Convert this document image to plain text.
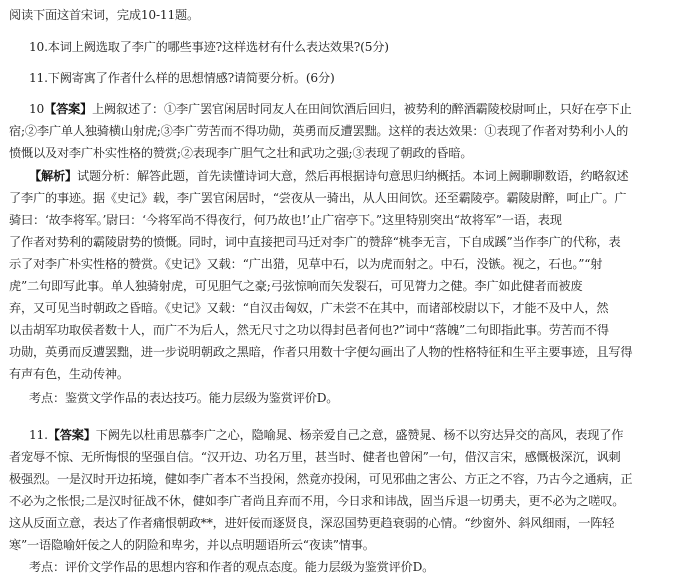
阅读下面这首宋词，完成10-11题。

10.本词上阙选取了李广的哪些事迹?这样选材有什么表达效果?(5分)

11.下阙寄寓了作者什么样的思想情感?请简要分析。(6分)

10【答案】上阙叙述了：①李广罢官闲居时同友人在田间饮酒后回归，被势利的醉酒霸陵校尉呵止，只好在亭下止

宿;②李广单人独骑横山射虎;③李广劳苦而不得功勋，英勇而反遭罢黜。这样的表达效果：①表现了作者对势利小人的

愤慨以及对李广朴实性格的赞赏;②表现李广胆气之壮和武功之强;③表现了朝政的昏暗。

【解析】试题分析：解答此题，首先读懂诗词大意，然后再根据诗句意思归纳概括。本词上阙聊聊数语，约略叙述

了李广的事迹。据《史记》载，李广罢官闲居时，“尝夜从一骑出，从人田间饮。还至霸陵亭。霸陵尉醉，呵止广。广

骑曰：‘故李将军。’尉曰：‘今将军尚不得夜行，何乃故也!’止广宿亭下。”这里特别突出“故将军”一语，表现

了作者对势利的霸陵尉势的愤慨。同时，词中直接把司马迁对李广的赞辞“桃李无言，下自成蹊”当作李广的代称，表

示了对李广朴实性格的赞赏。《史记》又载：“广出猎，见草中石，以为虎而射之。中石，没镞。视之，石也。”“射

虎”二句即写此事。单人独骑射虎，可见胆气之豪;弓弦惊响而矢发裂石，可见膂力之健。李广如此健者而被废

弃，又可见当时朝政之昏暗。《史记》又载：“自汉击匈奴，广未尝不在其中，而诸部校尉以下，才能不及中人，然

以击胡军功取侯者数十人，而广不为后人，然无尺寸之功以得封邑者何也?”词中“落魄”二句即指此事。劳苦而不得

功勋，英勇而反遭罢黜，进一步说明朝政之黑暗，作者只用数十字便勾画出了人物的性格特征和生平主要事迹，且写得

有声有色，生动传神。

考点：鉴赏文学作品的表达技巧。能力层级为鉴赏评价D。

11.【答案】下阙先以杜甫思慕李广之心，隐喻晁、杨亲爱自己之意，盛赞晁、杨不以穷达异交的高风，表现了作

者宠辱不惊、无所悔恨的坚强自信。“汉开边、功名万里，甚当时、健者也曾闲”一句，借汉言宋，感慨极深沉，讽刺

极强烈。一是汉时开边拓境，健如李广者本不当投闲，然竟亦投闲，可见邪曲之害公、方正之不容，乃古今之通病，正

不必为之怅恨;二是汉时征战不休，健如李广者尚且弃而不用，今日求和讳战，固当斥退一切勇夫，更不必为之嗟叹。

这从反面立意，表达了作者痛恨朝政**，进奸佞而逐贤良，深忍国势更趋衰弱的心情。“纱窗外、斜风细雨，一阵轻

寒”一语隐喻奸佞之人的阴险和卑劣，并以点明题语所云“夜读”情事。

考点：评价文学作品的思想内容和作者的观点态度。能力层级为鉴赏评价D。
